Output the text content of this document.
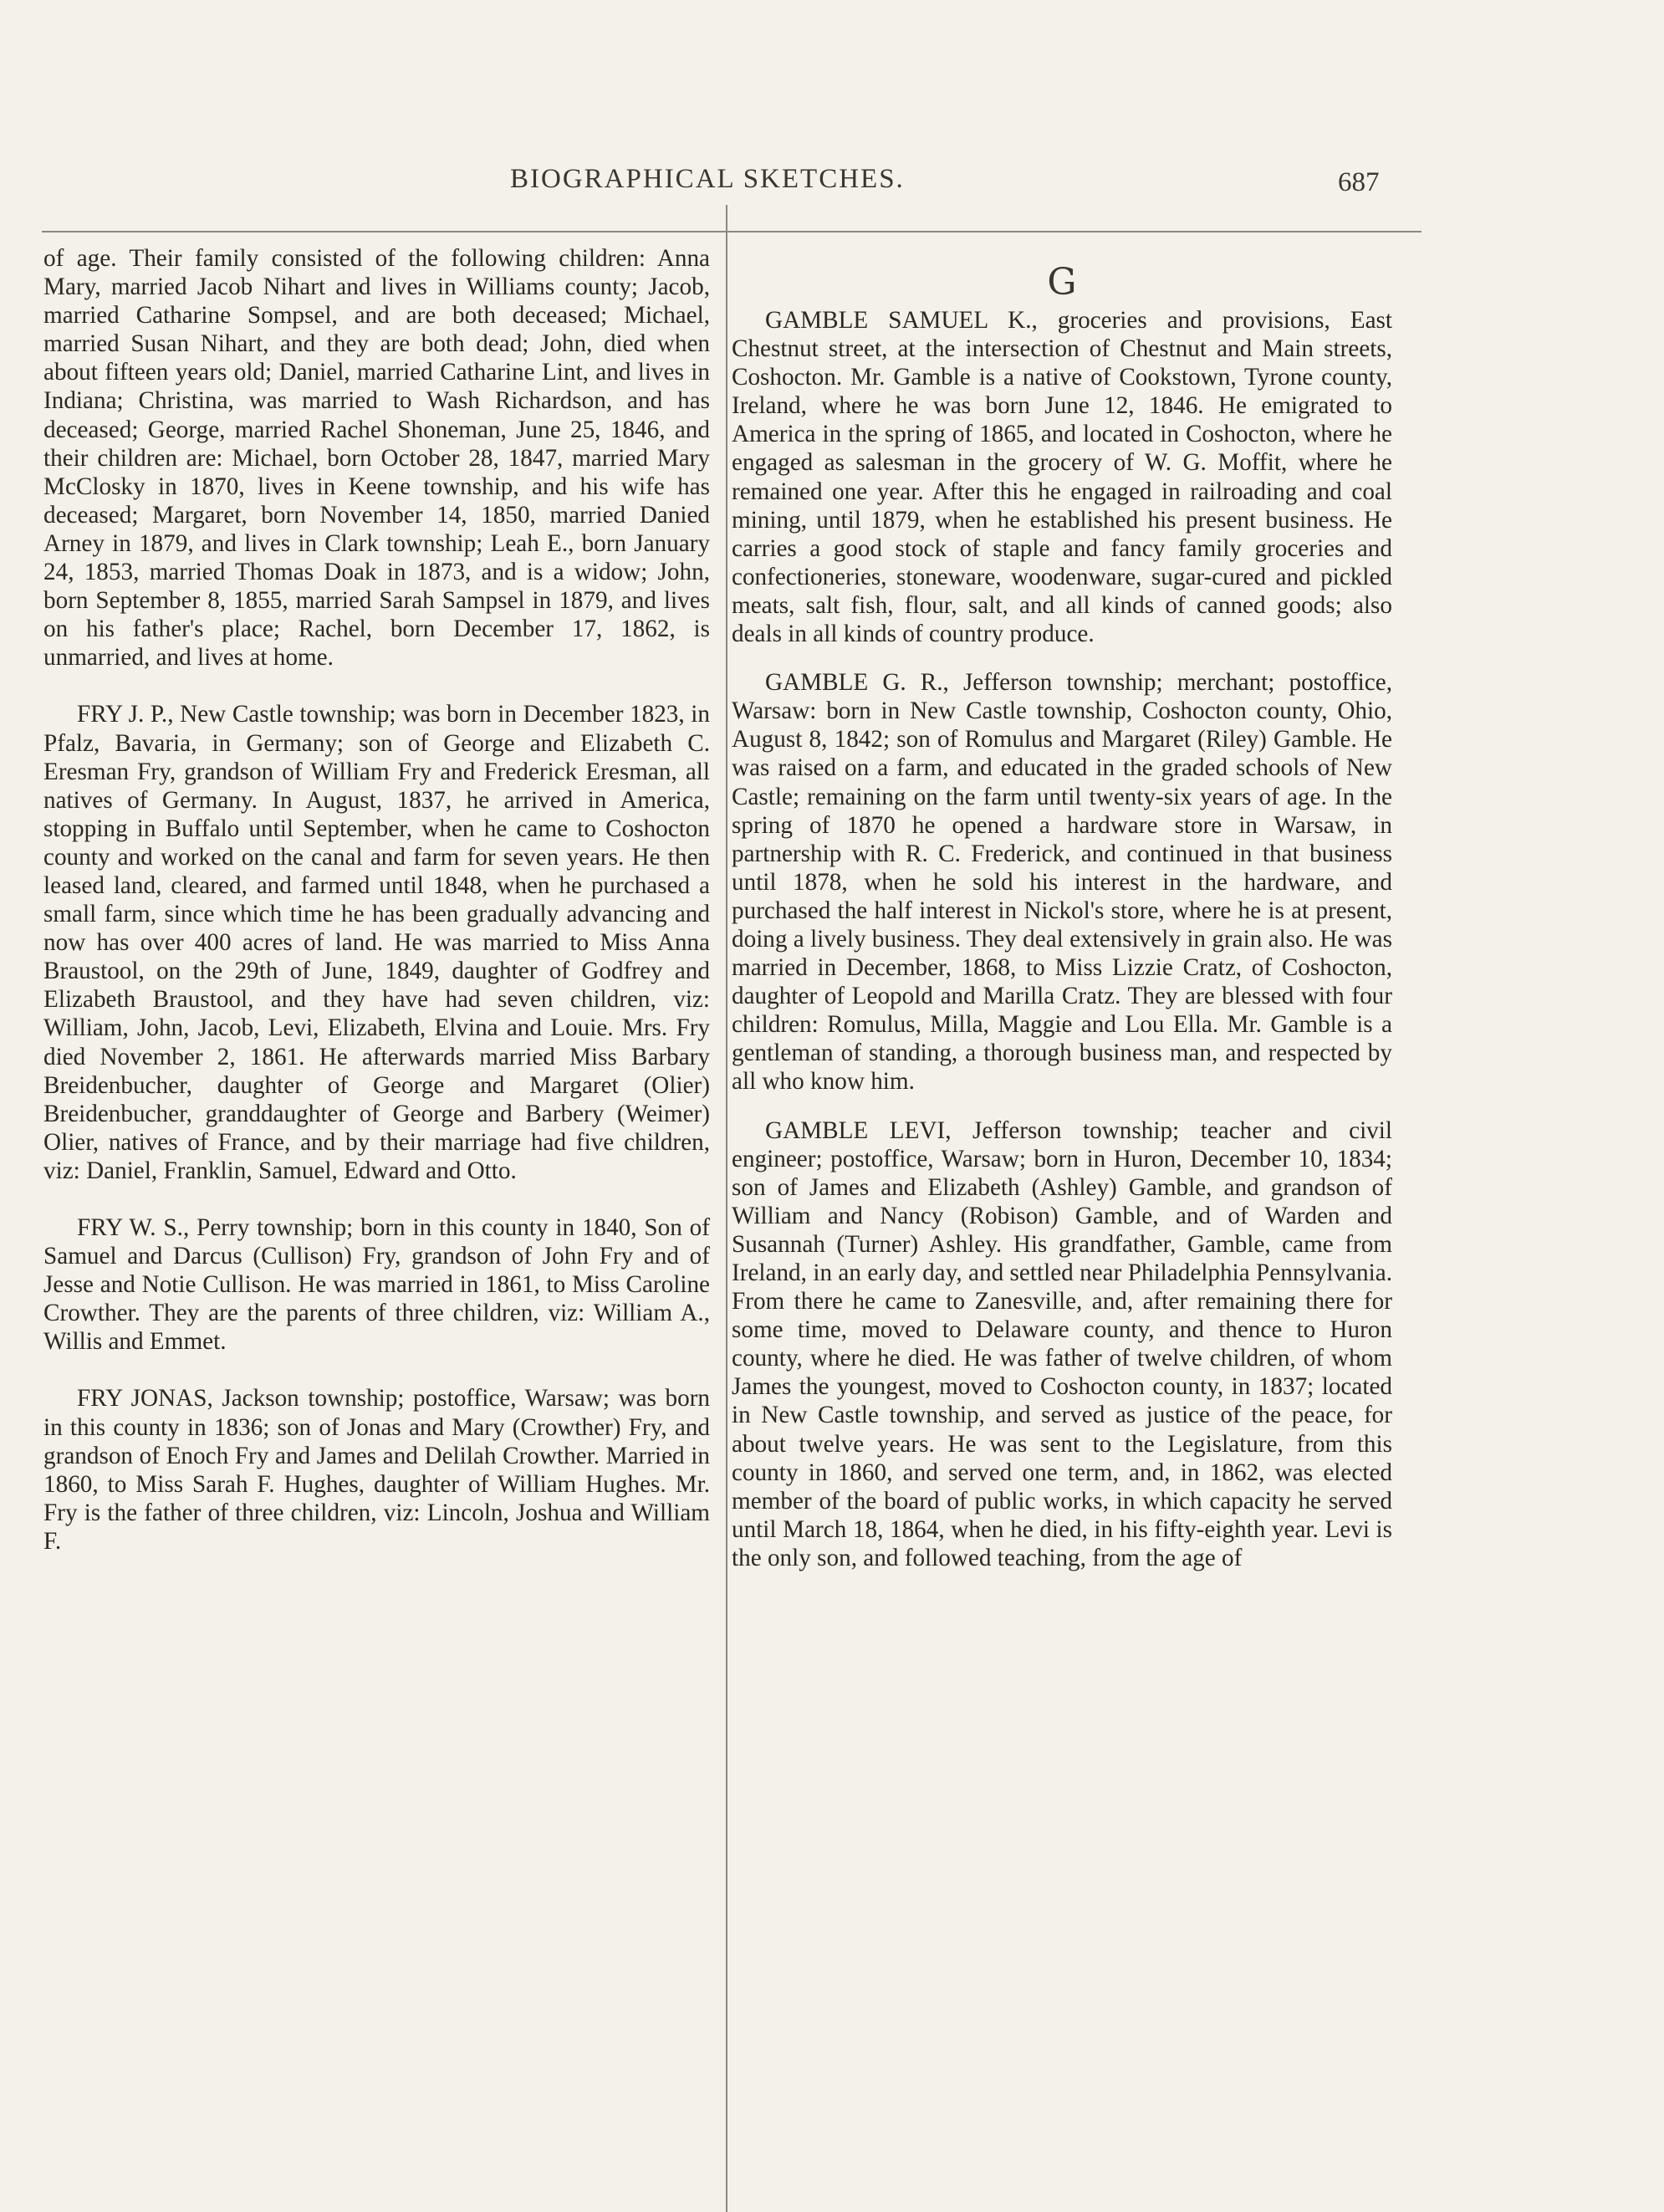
BIOGRAPHICAL SKETCHES.	687

of age. Their family consisted of the following children: Anna Mary, married Jacob Nihart and lives in Williams county; Jacob, married Catharine Sompsel, and are both deceased; Michael, married Susan Nihart, and they are both dead; John, died when about fifteen years old; Daniel, married Catharine Lint, and lives in Indiana; Christina, was married to Wash Richardson, and has deceased; George, married Rachel Shoneman, June 25, 1846, and their children are: Michael, born October 28, 1847, married Mary McClosky in 1870, lives in Keene township, and his wife has deceased; Margaret, born November 14, 1850, married Danied Arney in 1879, and lives in Clark township; Leah E., born January 24, 1853, married Thomas Doak in 1873, and is a widow; John, born September 8, 1855, married Sarah Sampsel in 1879, and lives on his father's place; Rachel, born December 17, 1862, is unmarried, and lives at home.

FRY J. P., New Castle township; was born in December 1823, in Pfalz, Bavaria, in Germany; son of George and Elizabeth C. Eresman Fry, grandson of William Fry and Frederick Eresman, all natives of Germany. In August, 1837, he arrived in America, stopping in Buffalo until September, when he came to Coshocton county and worked on the canal and farm for seven years. He then leased land, cleared, and farmed until 1848, when he purchased a small farm, since which time he has been gradually advancing and now has over 400 acres of land. He was married to Miss Anna Braustool, on the 29th of June, 1849, daughter of Godfrey and Elizabeth Braustool, and they have had seven children, viz: William, John, Jacob, Levi, Elizabeth, Elvina and Louie. Mrs. Fry died November 2, 1861. He afterwards married Miss Barbary Breidenbucher, daughter of George and Margaret (Olier) Breidenbucher, granddaughter of George and Barbery (Weimer) Olier, natives of France, and by their marriage had five children, viz: Daniel, Franklin, Samuel, Edward and Otto.

FRY W. S., Perry township; born in this county in 1840, Son of Samuel and Darcus (Cullison) Fry, grandson of John Fry and of Jesse and Notie Cullison. He was married in 1861, to Miss Caroline Crowther. They are the parents of three children, viz: William A., Willis and Emmet.

FRY JONAS, Jackson township; postoffice, Warsaw; was born in this county in 1836; son of Jonas and Mary (Crowther) Fry, and grandson of Enoch Fry and James and Delilah Crowther. Married in 1860, to Miss Sarah F. Hughes, daughter of William Hughes. Mr. Fry is the father of three children, viz: Lincoln, Joshua and William F.

G

GAMBLE SAMUEL K., groceries and provisions, East Chestnut street, at the intersection of Chestnut and Main streets, Coshocton. Mr. Gamble is a native of Cookstown, Tyrone county, Ireland, where he was born June 12, 1846. He emigrated to America in the spring of 1865, and located in Coshocton, where he engaged as salesman in the grocery of W. G. Moffit, where he remained one year. After this he engaged in railroading and coal mining, until 1879, when he established his present business. He carries a good stock of staple and fancy family groceries and confectioneries, stoneware, woodenware, sugar-cured and pickled meats, salt fish, flour, salt, and all kinds of canned goods; also deals in all kinds of country produce.

GAMBLE G. R., Jefferson township; merchant; postoffice, Warsaw: born in New Castle township, Coshocton county, Ohio, August 8, 1842; son of Romulus and Margaret (Riley) Gamble. He was raised on a farm, and educated in the graded schools of New Castle; remaining on the farm until twenty-six years of age. In the spring of 1870 he opened a hardware store in Warsaw, in partnership with R. C. Frederick, and continued in that business until 1878, when he sold his interest in the hardware, and purchased the half interest in Nickol's store, where he is at present, doing a lively business. They deal extensively in grain also. He was married in December, 1868, to Miss Lizzie Cratz, of Coshocton, daughter of Leopold and Marilla Cratz. They are blessed with four children: Romulus, Milla, Maggie and Lou Ella. Mr. Gamble is a gentleman of standing, a thorough business man, and respected by all who know him.

GAMBLE LEVI, Jefferson township; teacher and civil engineer; postoffice, Warsaw; born in Huron, December 10, 1834; son of James and Elizabeth (Ashley) Gamble, and grandson of William and Nancy (Robison) Gamble, and of Warden and Susannah (Turner) Ashley. His grandfather, Gamble, came from Ireland, in an early day, and settled near Philadelphia Pennsylvania. From there he came to Zanesville, and, after remaining there for some time, moved to Delaware county, and thence to Huron county, where he died. He was father of twelve children, of whom James the youngest, moved to Coshocton county, in 1837; located in New Castle township, and served as justice of the peace, for about twelve years. He was sent to the Legislature, from this county in 1860, and served one term, and, in 1862, was elected member of the board of public works, in which capacity he served until March 18, 1864, when he died, in his fifty-eighth year. Levi is the only son, and followed teaching, from the age of
